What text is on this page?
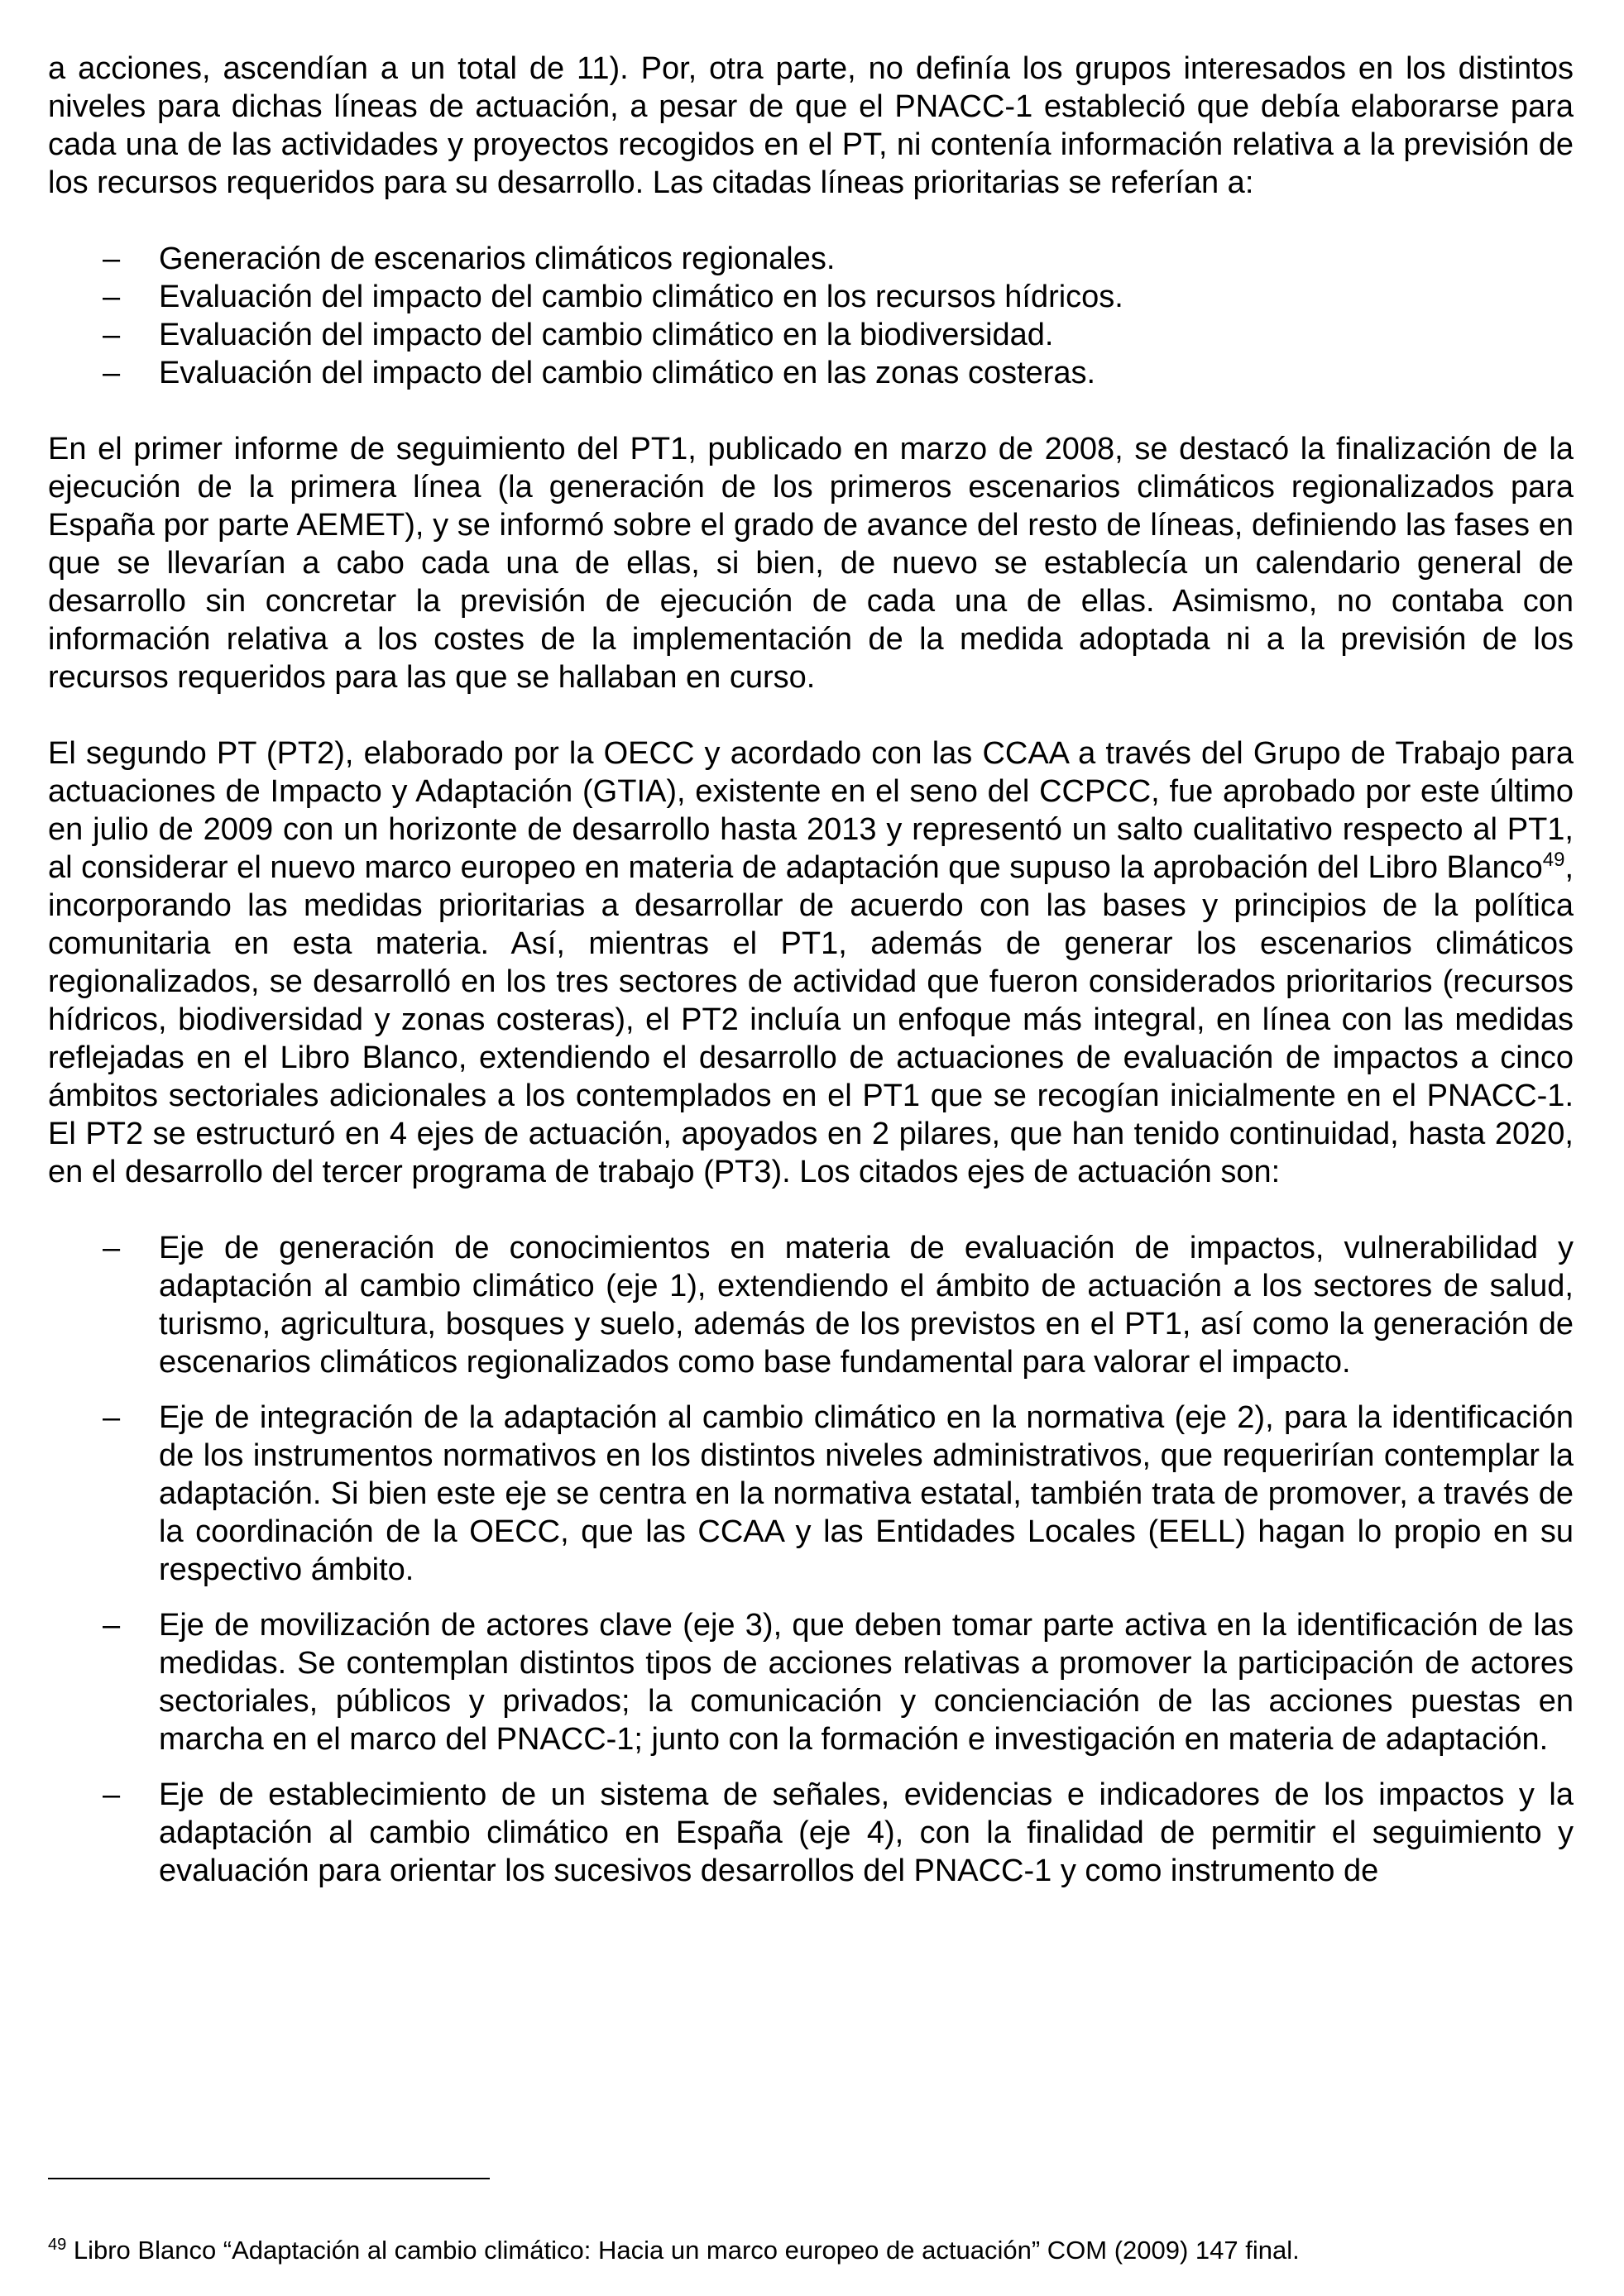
a acciones, ascendían a un total de 11). Por, otra parte, no definía los grupos interesados en los distintos niveles para dichas líneas de actuación, a pesar de que el PNACC-1 estableció que debía elaborarse para cada una de las actividades y proyectos recogidos en el PT, ni contenía información relativa a la previsión de los recursos requeridos para su desarrollo. Las citadas líneas prioritarias se referían a:

–	Generación de escenarios climáticos regionales.
–	Evaluación del impacto del cambio climático en los recursos hídricos.
–	Evaluación del impacto del cambio climático en la biodiversidad.
–	Evaluación del impacto del cambio climático en las zonas costeras.

En el primer informe de seguimiento del PT1, publicado en marzo de 2008, se destacó la finalización de la ejecución de la primera línea (la generación de los primeros escenarios climáticos regionalizados para España por parte AEMET), y se informó sobre el grado de avance del resto de líneas, definiendo las fases en que se llevarían a cabo cada una de ellas, si bien, de nuevo se establecía un calendario general de desarrollo sin concretar la previsión de ejecución de cada una de ellas. Asimismo, no contaba con información relativa a los costes de la implementación de la medida adoptada ni a la previsión de los recursos requeridos para las que se hallaban en curso.

El segundo PT (PT2), elaborado por la OECC y acordado con las CCAA a través del Grupo de Trabajo para actuaciones de Impacto y Adaptación (GTIA), existente en el seno del CCPCC, fue aprobado por este último en julio de 2009 con un horizonte de desarrollo hasta 2013 y representó un salto cualitativo respecto al PT1, al considerar el nuevo marco europeo en materia de adaptación que supuso la aprobación del Libro Blanco$^{49}$, incorporando las medidas prioritarias a desarrollar de acuerdo con las bases y principios de la política comunitaria en esta materia. Así, mientras el PT1, además de generar los escenarios climáticos regionalizados, se desarrolló en los tres sectores de actividad que fueron considerados prioritarios (recursos hídricos, biodiversidad y zonas costeras), el PT2 incluía un enfoque más integral, en línea con las medidas reflejadas en el Libro Blanco, extendiendo el desarrollo de actuaciones de evaluación de impactos a cinco ámbitos sectoriales adicionales a los contemplados en el PT1 que se recogían inicialmente en el PNACC-1. El PT2 se estructuró en 4 ejes de actuación, apoyados en 2 pilares, que han tenido continuidad, hasta 2020, en el desarrollo del tercer programa de trabajo (PT3). Los citados ejes de actuación son:

–	Eje de generación de conocimientos en materia de evaluación de impactos, vulnerabilidad y adaptación al cambio climático (eje 1), extendiendo el ámbito de actuación a los sectores de salud, turismo, agricultura, bosques y suelo, además de los previstos en el PT1, así como la generación de escenarios climáticos regionalizados como base fundamental para valorar el impacto.
–	Eje de integración de la adaptación al cambio climático en la normativa (eje 2), para la identificación de los instrumentos normativos en los distintos niveles administrativos, que requerirían contemplar la adaptación. Si bien este eje se centra en la normativa estatal, también trata de promover, a través de la coordinación de la OECC, que las CCAA y las Entidades Locales (EELL) hagan lo propio en su respectivo ámbito.
–	Eje de movilización de actores clave (eje 3), que deben tomar parte activa en la identificación de las medidas. Se contemplan distintos tipos de acciones relativas a promover la participación de actores sectoriales, públicos y privados; la comunicación y concienciación de las acciones puestas en marcha en el marco del PNACC-1; junto con la formación e investigación en materia de adaptación.
–	Eje de establecimiento de un sistema de señales, evidencias e indicadores de los impactos y la adaptación al cambio climático en España (eje 4), con la finalidad de permitir el seguimiento y evaluación para orientar los sucesivos desarrollos del PNACC-1 y como instrumento de
$^{49}$ Libro Blanco “Adaptación al cambio climático: Hacia un marco europeo de actuación” COM (2009) 147 final.
